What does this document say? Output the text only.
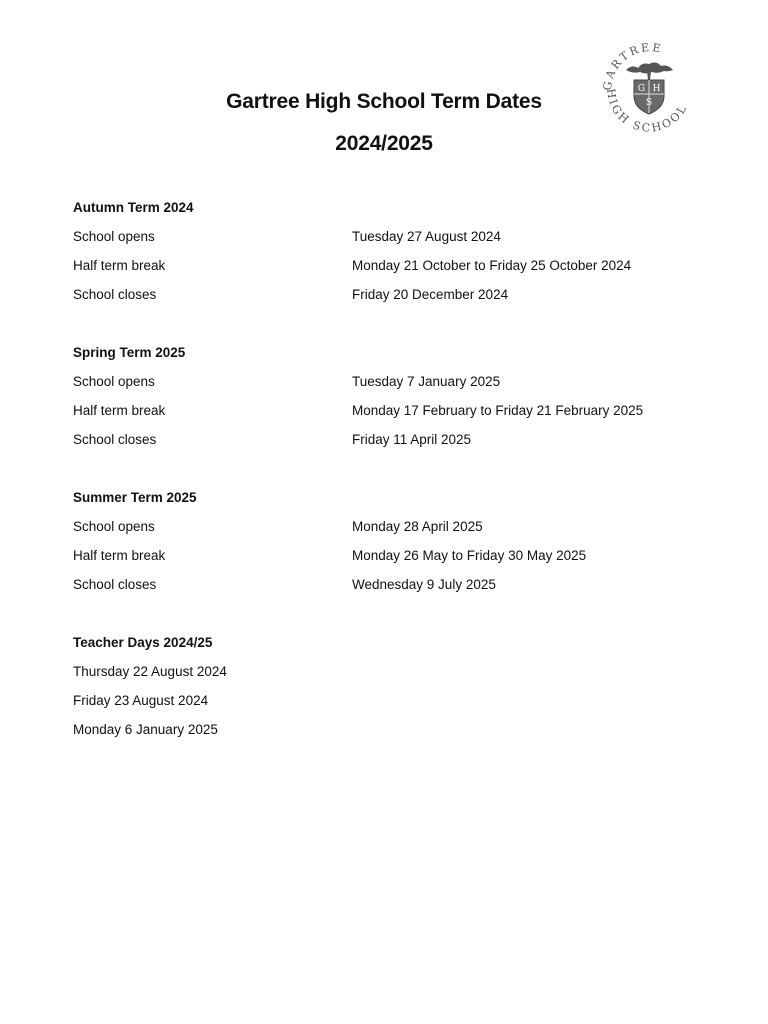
Gartree High School Term Dates
2024/2025
GARTREE
HIGH SCHOOL
G H
S
Autumn Term 2024
School opens	Tuesday 27 August 2024
Half term break	Monday 21 October to Friday 25 October 2024
School closes	Friday 20 December 2024
Spring Term 2025
School opens	Tuesday 7 January 2025
Half term break	Monday 17 February to Friday 21 February 2025
School closes	Friday 11 April 2025
Summer Term 2025
School opens	Monday 28 April 2025
Half term break	Monday 26 May to Friday 30 May 2025
School closes	Wednesday 9 July 2025
Teacher Days 2024/25
Thursday 22 August 2024
Friday 23 August 2024
Monday 6 January 2025
